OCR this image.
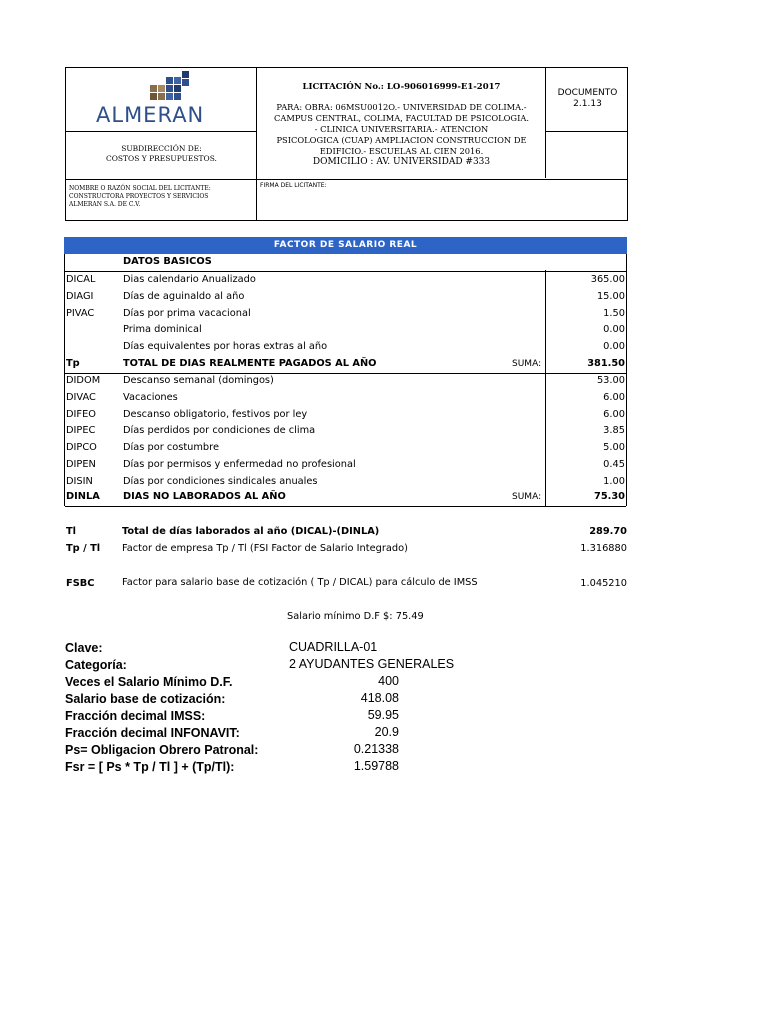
ALMERAN
SUBDIRECCIÓN DE:
COSTOS Y PRESUPUESTOS.
LICITACIÓN No.: LO-906016999-E1-2017
PARA: OBRA: 06MSU0012O.- UNIVERSIDAD DE COLIMA.-
CAMPUS CENTRAL, COLIMA, FACULTAD DE PSICOLOGIA.
- CLINICA UNIVERSITARIA.- ATENCION
PSICOLOGICA (CUAP) AMPLIACION CONSTRUCCION DE
EDIFICIO.- ESCUELAS AL CIEN 2016.
DOMICILIO : AV. UNIVERSIDAD #333
DOCUMENTO
2.1.13
NOMBRE O RAZÓN SOCIAL DEL LICITANTE:
CONSTRUCTORA PROYECTOS Y SERVICIOS
ALMERAN S.A. DE C.V.
FIRMA DEL LICITANTE:
FACTOR DE SALARIO REAL
DATOS BASICOS
DICAL	Dias calendario Anualizado	365.00
DIAGI	Días de aguinaldo al año	15.00
PIVAC	Días por prima vacacional	1.50
Prima dominical	0.00
Días equivalentes por horas extras al año	0.00
Tp	TOTAL DE DIAS REALMENTE PAGADOS AL AÑO	SUMA:	381.50
DIDOM Descanso semanal (domingos)	53.00
DIVAC	Vacaciones	6.00
DIFEO	Descanso obligatorio, festivos por ley	6.00
DIPEC	Días perdidos por condiciones de clima	3.85
DIPCO	Días por costumbre	5.00
DIPEN	Días por permisos y enfermedad no profesional	0.45
DISIN	Días por condiciones sindicales anuales	1.00
DINLA DIAS NO LABORADOS AL AÑO	SUMA:	75.30
Tl	Total de días laborados al año (DICAL)-(DINLA)	289.70
Tp / Tl Factor de empresa Tp / Tl (FSI Factor de Salario Integrado)	1.316880
FSBC	Factor para salario base de cotización ( Tp / DICAL) para cálculo de IMSS	1.045210
Salario mínimo D.F $: 75.49
Clave:	CUADRILLA-01
Categoría:	2 AYUDANTES GENERALES
Veces el Salario Mínimo D.F.	400
Salario base de cotización:	418.08
Fracción decimal IMSS:	59.95
Fracción decimal INFONAVIT:	20.9
Ps= Obligacion Obrero Patronal:	0.21338
Fsr = [ Ps * Tp / Tl ] + (Tp/Tl):	1.59788
